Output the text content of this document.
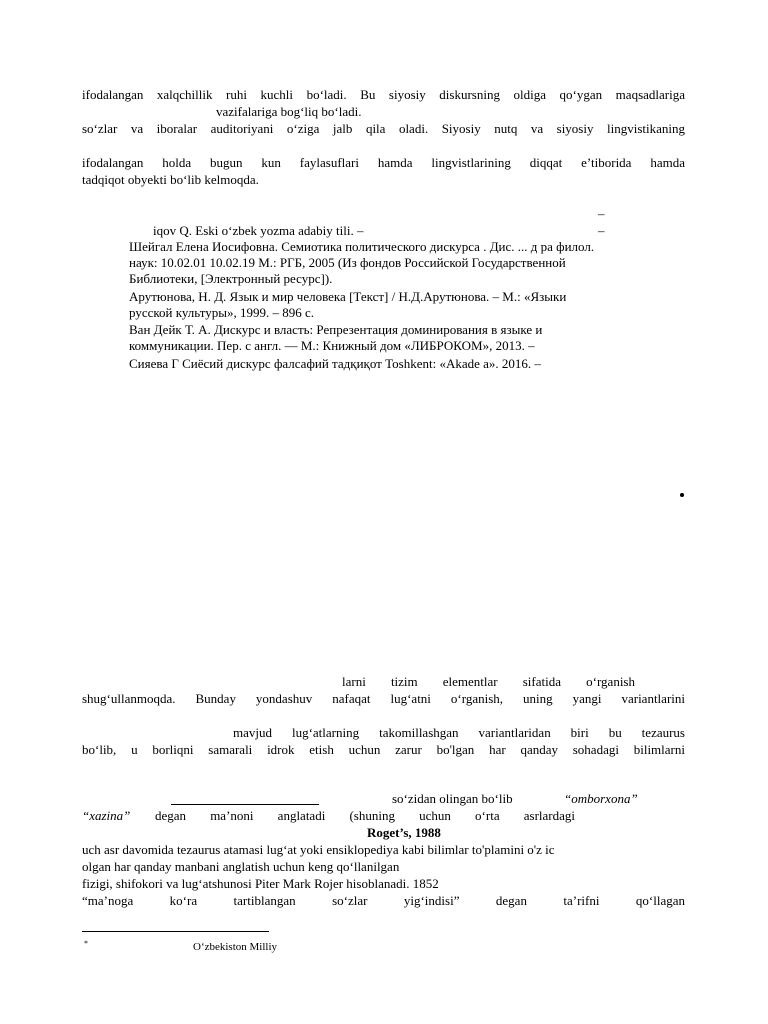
ifodalangan xalqchillik ruhi kuchli bo‘ladi. Bu siyosiy diskursning oldiga qo‘ygan maqsadlariga
vazifalariga bog‘liq bo‘ladi.
so‘zlar va iboralar auditoriyani o‘ziga jalb qila oladi. Siyosiy nutq va siyosiy lingvistikaning
ifodalangan holda bugun kun faylasuflari hamda lingvistlarining diqqat e’tiborida hamda
tadqiqot obyekti bo‘lib kelmoqda.
–
iqov Q. Eski o‘zbek yozma adabiy tili. –	–
Шейгал Елена Иосифовна. Семиотика политического дискурса . Дис. ... д ра филол.
наук: 10.02.01 10.02.19 М.: РГБ, 2005 (Из фондов Российской Государственной
Библиотеки, [Электронный ресурс]).
Арутюнова, Н. Д. Язык и мир человека [Текст] / Н.Д.Арутюнова. – М.: «Языки
русской культуры», 1999. – 896 с.
Ван Дейк Т. А. Дискурс и власть: Репрезентация доминирования в языке и
коммуникации. Пер. с англ. — М.: Книжный дом «ЛИБРОКОМ», 2013. –
Сияева Г Сиёсий дискурс фалсафий тадқиқот Toshkent: «Akade a». 2016. –
larni tizim elementlar sifatida o‘rganish
shug‘ullanmoqda. Bunday yondashuv nafaqat lug‘atni o‘rganish, uning yangi variantlarini
mavjud lug‘atlarning takomillashgan variantlaridan biri bu tezaurus
bo‘lib, u borliqni samarali idrok etish uchun zarur bo'lgan har qanday sohadagi bilimlarni
so‘zidan olingan bo‘lib	“omborxona”
“xazina” degan ma’noni anglatadi (shuning uchun o‘rta asrlardagi
Roget’s, 1988
uch asr davomida tezaurus atamasi lug‘at yoki ensiklopediya kabi bilimlar to'plamini o'z ic
olgan har qanday manbani anglatish uchun keng qo‘llanilgan
fizigi, shifokori va lug‘atshunosi Piter Mark Rojer hisoblanadi. 1852
“ma’noga ko‘ra tartiblangan so‘zlar yig‘indisi” degan ta’rifni qo‘llagan
*	O‘zbekiston Milliy
